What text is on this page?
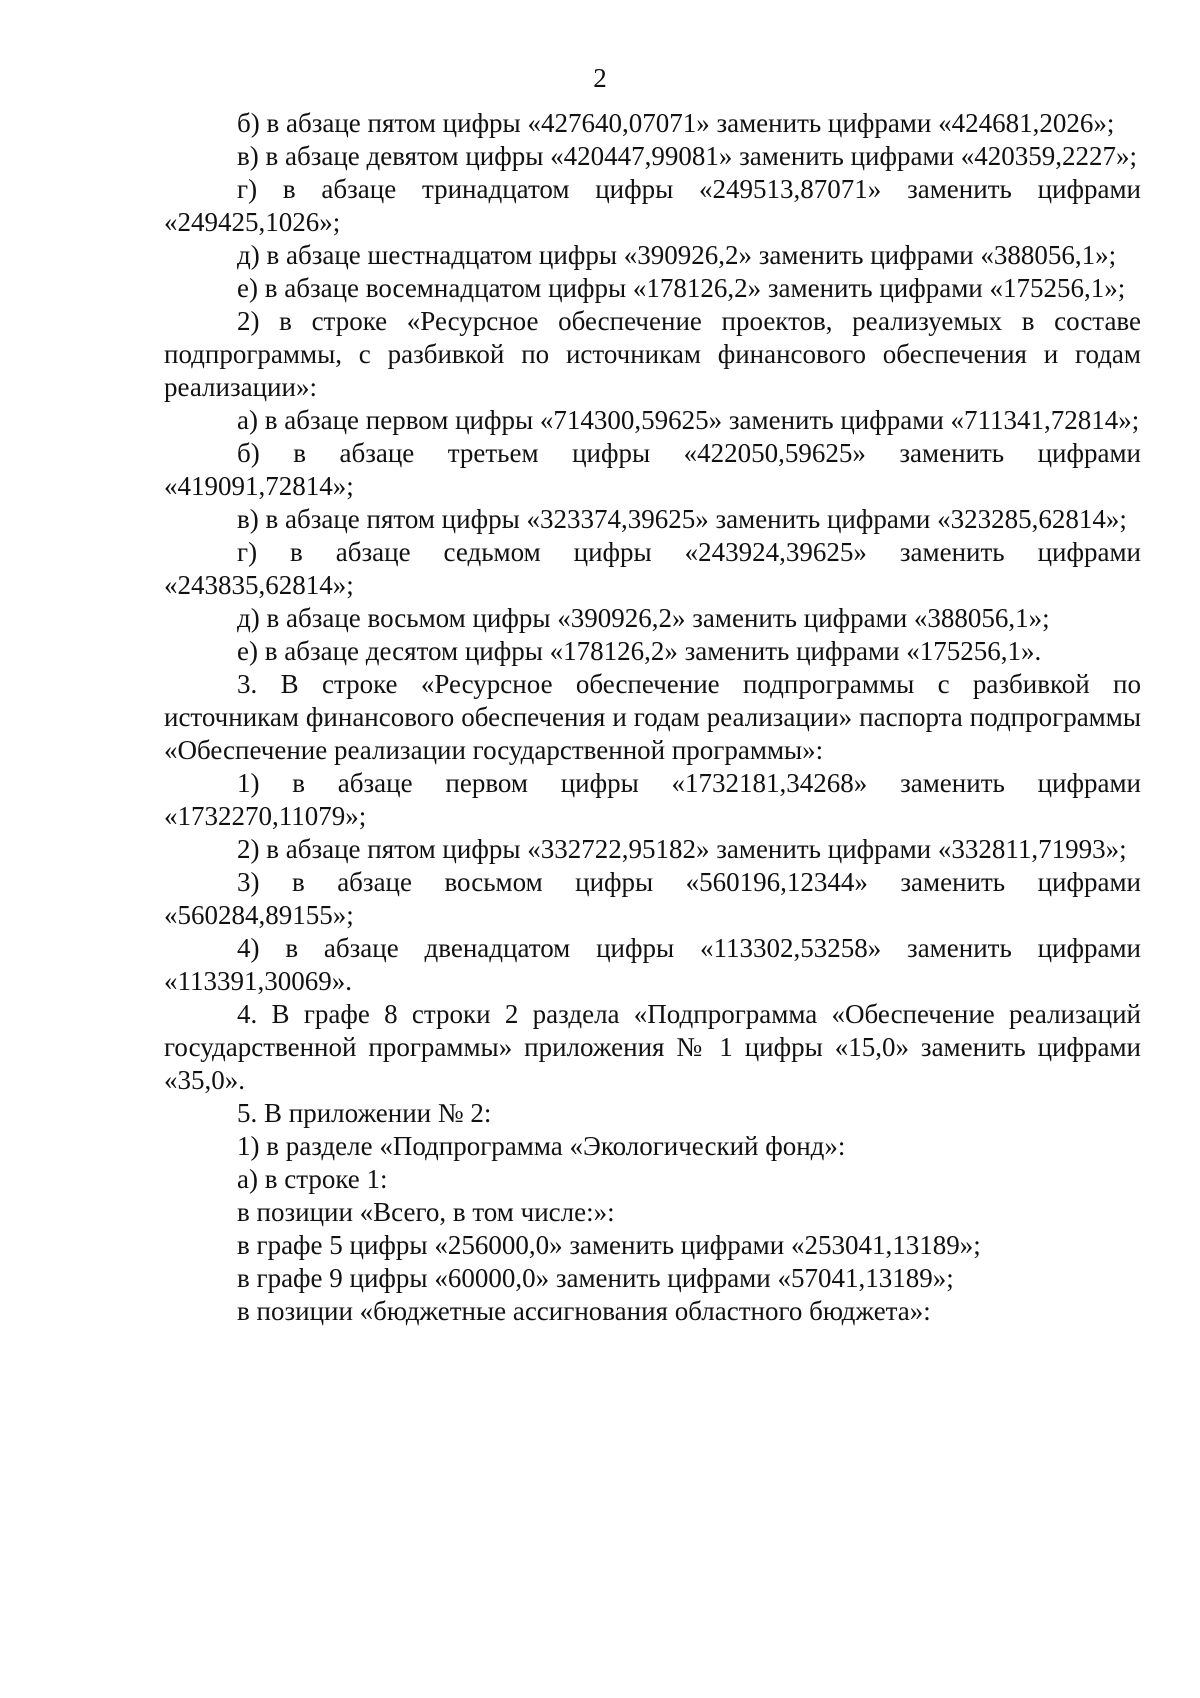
2

б) в абзаце пятом цифры «427640,07071» заменить цифрами «424681,2026»;

в) в абзаце девятом цифры «420447,99081» заменить цифрами «420359,2227»;

г) в абзаце тринадцатом цифры «249513,87071» заменить цифрами «249425,1026»;

д) в абзаце шестнадцатом цифры «390926,2» заменить цифрами «388056,1»;

е) в абзаце восемнадцатом цифры «178126,2» заменить цифрами «175256,1»;

2) в строке «Ресурсное обеспечение проектов, реализуемых в составе подпрограммы, с разбивкой по источникам финансового обеспечения и годам реализации»:

а) в абзаце первом цифры «714300,59625» заменить цифрами «711341,72814»;

б) в абзаце третьем цифры «422050,59625» заменить цифрами «419091,72814»;

в) в абзаце пятом цифры «323374,39625» заменить цифрами «323285,62814»;

г) в абзаце седьмом цифры «243924,39625» заменить цифрами «243835,62814»;

д) в абзаце восьмом цифры «390926,2» заменить цифрами «388056,1»;

е) в абзаце десятом цифры «178126,2» заменить цифрами «175256,1».

3. В строке «Ресурсное обеспечение подпрограммы с разбивкой по источникам финансового обеспечения и годам реализации» паспорта подпрограммы «Обеспечение реализации государственной программы»:

1) в абзаце первом цифры «1732181,34268» заменить цифрами «1732270,11079»;

2) в абзаце пятом цифры «332722,95182» заменить цифрами «332811,71993»;

3) в абзаце восьмом цифры «560196,12344» заменить цифрами «560284,89155»;

4) в абзаце двенадцатом цифры «113302,53258» заменить цифрами «113391,30069».

4. В графе 8 строки 2 раздела «Подпрограмма «Обеспечение реализаций государственной программы» приложения № 1 цифры «15,0» заменить цифрами «35,0».

5. В приложении № 2:

1) в разделе «Подпрограмма «Экологический фонд»:

а) в строке 1:

в позиции «Всего, в том числе:»:

в графе 5 цифры «256000,0» заменить цифрами «253041,13189»;

в графе 9 цифры «60000,0» заменить цифрами «57041,13189»;

в позиции «бюджетные ассигнования областного бюджета»:
